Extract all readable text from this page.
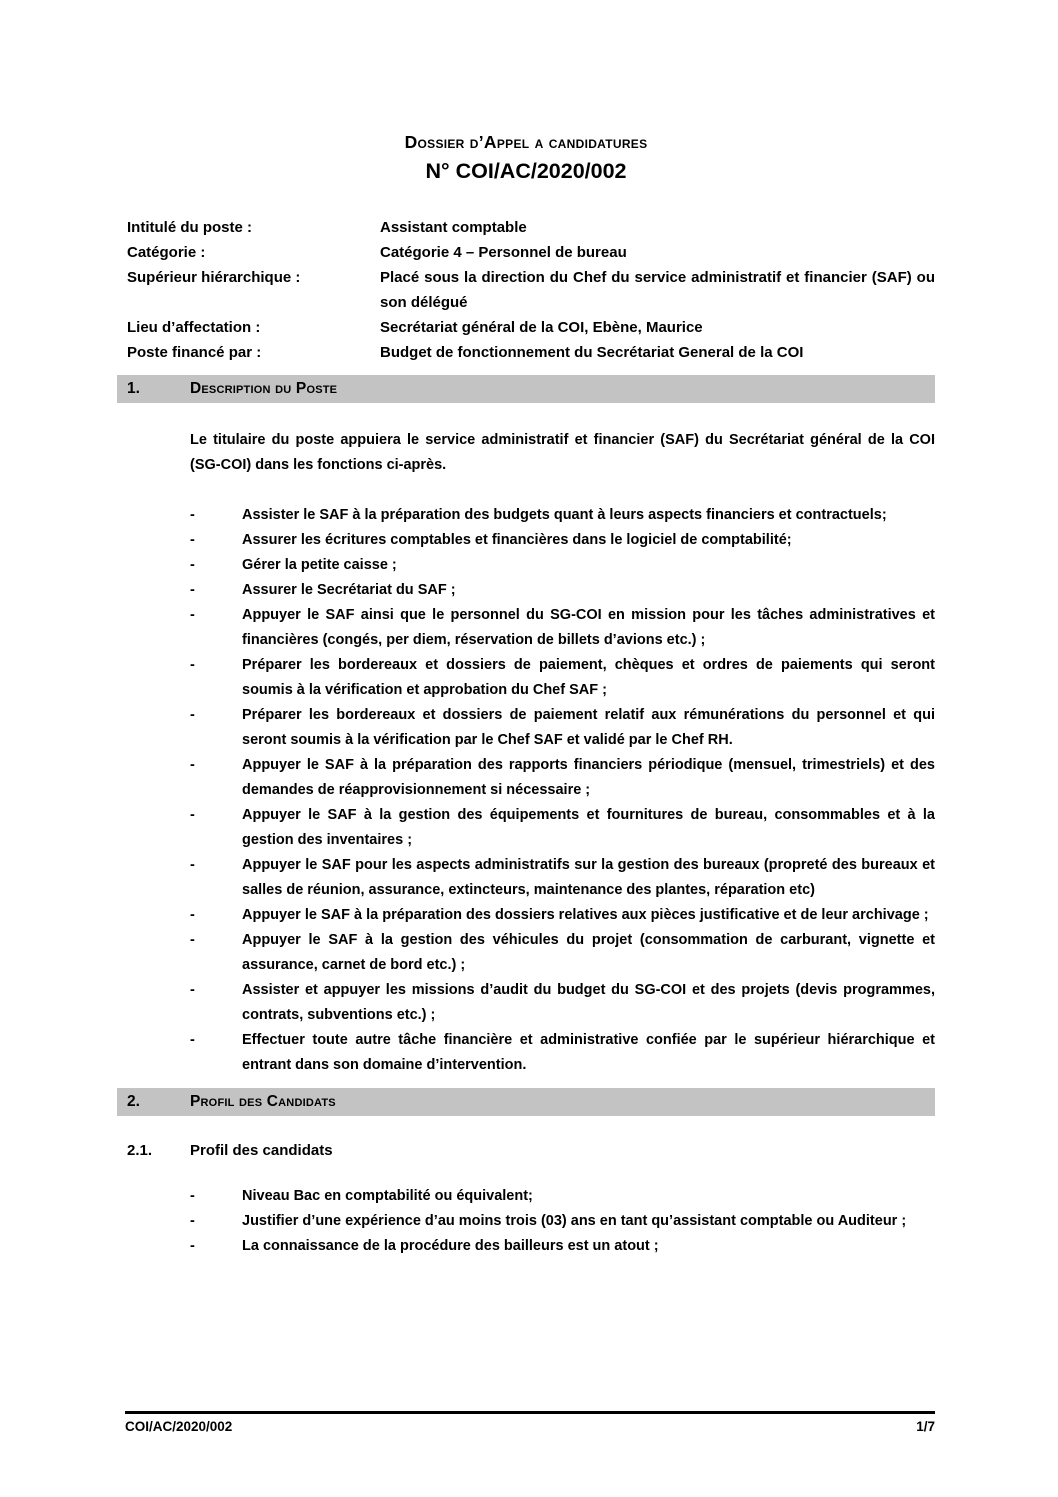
Dossier d’Appel a candidatures
N° COI/AC/2020/002
Intitulé du poste :	Assistant comptable
Catégorie :	Catégorie 4 – Personnel de bureau
Supérieur hiérarchique :	Placé sous la direction du Chef du service administratif et financier (SAF) ou son délégué
Lieu d’affectation :	Secrétariat général de la COI, Ebène, Maurice
Poste financé par :	Budget de fonctionnement du Secrétariat General de la COI
1.	Description du Poste

Le titulaire du poste appuiera le service administratif et financier (SAF) du Secrétariat général de la COI (SG-COI) dans les fonctions ci-après.

-	Assister le SAF à la préparation des budgets quant à leurs aspects financiers et contractuels;
-	Assurer les écritures comptables et financières dans le logiciel de comptabilité;
-	Gérer la petite caisse ;
-	Assurer le Secrétariat du SAF ;
-	Appuyer le SAF ainsi que le personnel du SG-COI en mission pour les tâches administratives et financières (congés, per diem, réservation de billets d’avions etc.) ;
-	Préparer les bordereaux et dossiers de paiement, chèques et ordres de paiements qui seront soumis à la vérification et approbation du Chef SAF ;
-	Préparer les bordereaux et dossiers de paiement relatif aux rémunérations du personnel et qui seront soumis à la vérification par le Chef SAF et validé par le Chef RH.
-	Appuyer le SAF à la préparation des rapports financiers périodique (mensuel, trimestriels) et des demandes de réapprovisionnement si nécessaire ;
-	Appuyer le SAF à la gestion des équipements et fournitures de bureau, consommables et à la gestion des inventaires ;
-	Appuyer le SAF pour les aspects administratifs sur la gestion des bureaux (propreté des bureaux et salles de réunion, assurance, extincteurs, maintenance des plantes, réparation etc)
-	Appuyer le SAF à la préparation des dossiers relatives aux pièces justificative et de leur archivage ;
-	Appuyer le SAF à la gestion des véhicules du projet (consommation de carburant, vignette et assurance, carnet de bord etc.) ;
-	Assister et appuyer les missions d’audit du budget du SG-COI et des projets (devis programmes, contrats, subventions etc.) ;
-	Effectuer toute autre tâche financière et administrative confiée par le supérieur hiérarchique et entrant dans son domaine d’intervention.
2.	Profil des Candidats
2.1.	Profil des candidats
-	Niveau Bac en comptabilité ou équivalent;
-	Justifier d’une expérience d’au moins trois (03) ans en tant qu’assistant comptable ou Auditeur ;
-	La connaissance de la procédure des bailleurs est un atout ;
COI/AC/2020/002	1/7
